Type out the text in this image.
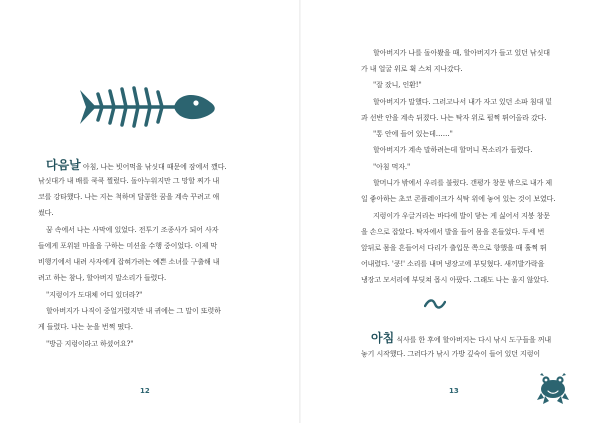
다음날 아침, 나는 빗어먹을 낚싯대 때문에 잠에서 깼다.

낚싯대가 내 배를 쿡쿡 찔렀다. 돌아누워지만 그 망할 찌가 내

코를 강타했다. 나는 지는 척하며 달콤한 꿈을 계속 꾸려고 애

썼다.

꿈 속에서 나는 사막에 있었다. 전투기 조종사가 되어 사자

들에게 포위된 마을을 구하는 미션을 수행 중이었다. 이제 막

비행기에서 내려 사자에게 잡혀가려는 예쁜 소녀를 구출해 내

려고 하는 참나, 할아버지 말소리가 들렸다.

"지렁이가 도대체 어디 있더라?"

할아버지가 나직이 중얼거렸지만 내 귀에는 그 말이 또렷하

게 들렸다. 나는 눈을 번쩍 떴다.

"방금 지렁이라고 하셨어요?"

12

할아버지가 나를 돌아봤을 때, 할아버지가 들고 있던 낚싯대

가 내 얼굴 위로 휙 스쳐 지나갔다.

"잘 잤니, 인환!"

할아버지가 말했다. 그러고나서 내가 자고 있던 소파 침대 밑

과 선반 안을 계속 뒤졌다. 나는 탁자 위로 펄쩍 뛰어올라 갔다.

"통 안에 들어 있는데……"

할아버지가 계속 말하려는데 할머니 목소리가 들렸다.

"아침 먹자."

할머니가 밖에서 우리를 불렀다. 갠평가 창문 밖으로 내가 제

일 좋아하는 초코 콘플레이크가 식탁 위에 놓여 있는 것이 보였다.

지렁이가 우글거리는 바다에 발이 닿는 게 싫어서 지붕 창문

을 손으로 잡았다. 탁자에서 발을 들어 몸을 흔들었다. 두세 번

앞뒤로 몸을 흔들어서 다리가 출입문 쪽으로 향했을 때 훌쩍 뛰

어내렸다. '쿵!' 소리를 내며 냉장고에 부딪혔다. 새끼발가락을

냉장고 모서리에 부딪쳐 몹시 아팠다. 그래도 나는 울지 않았다.

아침 식사를 한 후에 할아버지는 다시 낚시 도구들을 꺼내

놓기 시작했다. 그러다가 낚시 가방 깊숙이 들어 있던 지렁이

13
